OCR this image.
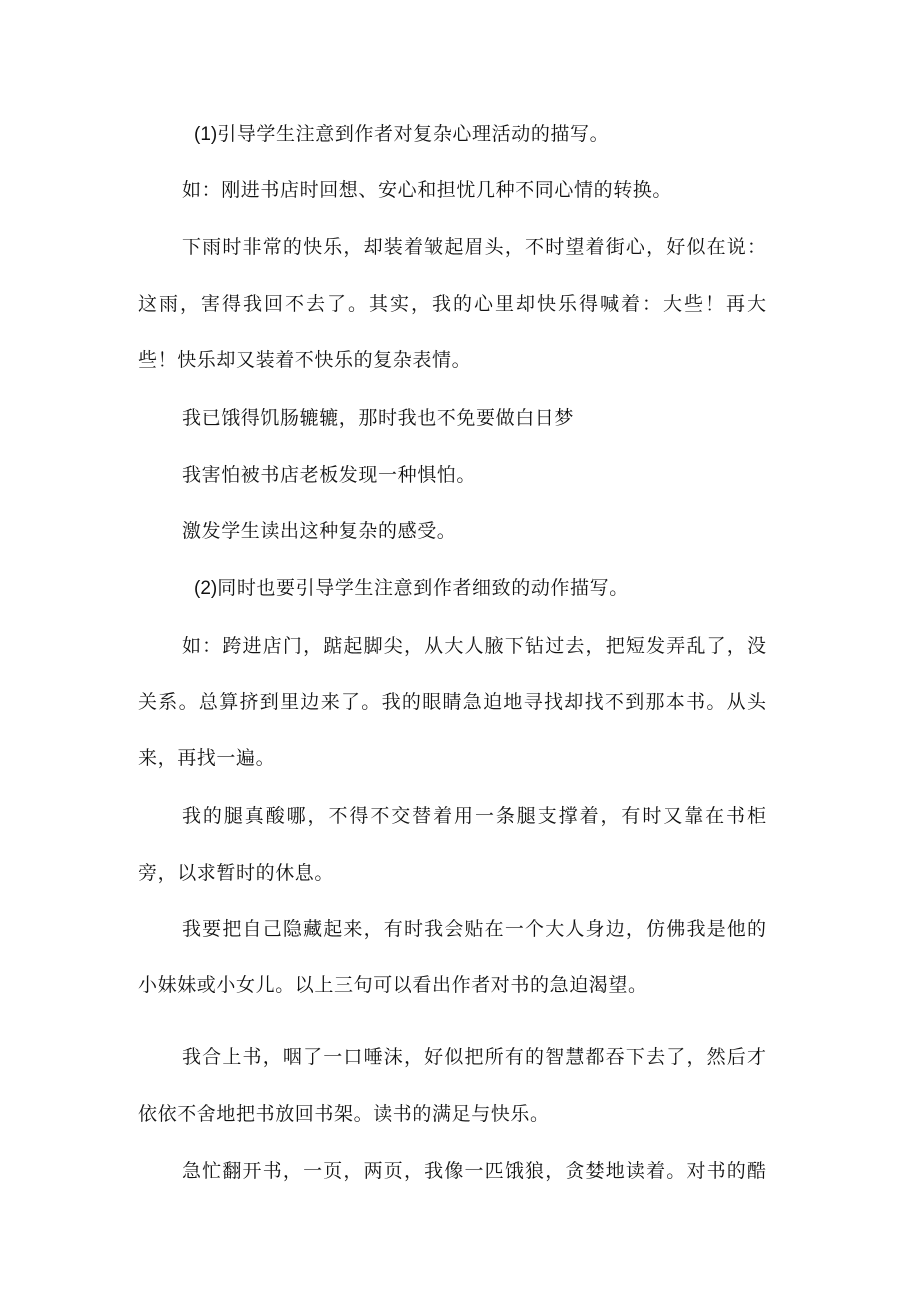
(1)引导学生注意到作者对复杂心理活动的描写。

如：刚进书店时回想、安心和担忧几种不同心情的转换。

下雨时非常的快乐，却装着皱起眉头，不时望着街心，好似在说：

这雨，害得我回不去了。其实，我的心里却快乐得喊着：大些！再大

些！快乐却又装着不快乐的复杂表情。

我已饿得饥肠辘辘，那时我也不免要做白日梦

我害怕被书店老板发现一种惧怕。

激发学生读出这种复杂的感受。

(2)同时也要引导学生注意到作者细致的动作描写。

如：跨进店门，踮起脚尖，从大人腋下钻过去，把短发弄乱了，没

关系。总算挤到里边来了。我的眼睛急迫地寻找却找不到那本书。从头

来，再找一遍。

我的腿真酸哪，不得不交替着用一条腿支撑着，有时又靠在书柜

旁，以求暂时的休息。

我要把自己隐藏起来，有时我会贴在一个大人身边，仿佛我是他的

小妹妹或小女儿。以上三句可以看出作者对书的急迫渴望。

我合上书，咽了一口唾沫，好似把所有的智慧都吞下去了，然后才

依依不舍地把书放回书架。读书的满足与快乐。

急忙翻开书，一页，两页，我像一匹饿狼，贪婪地读着。对书的酷
